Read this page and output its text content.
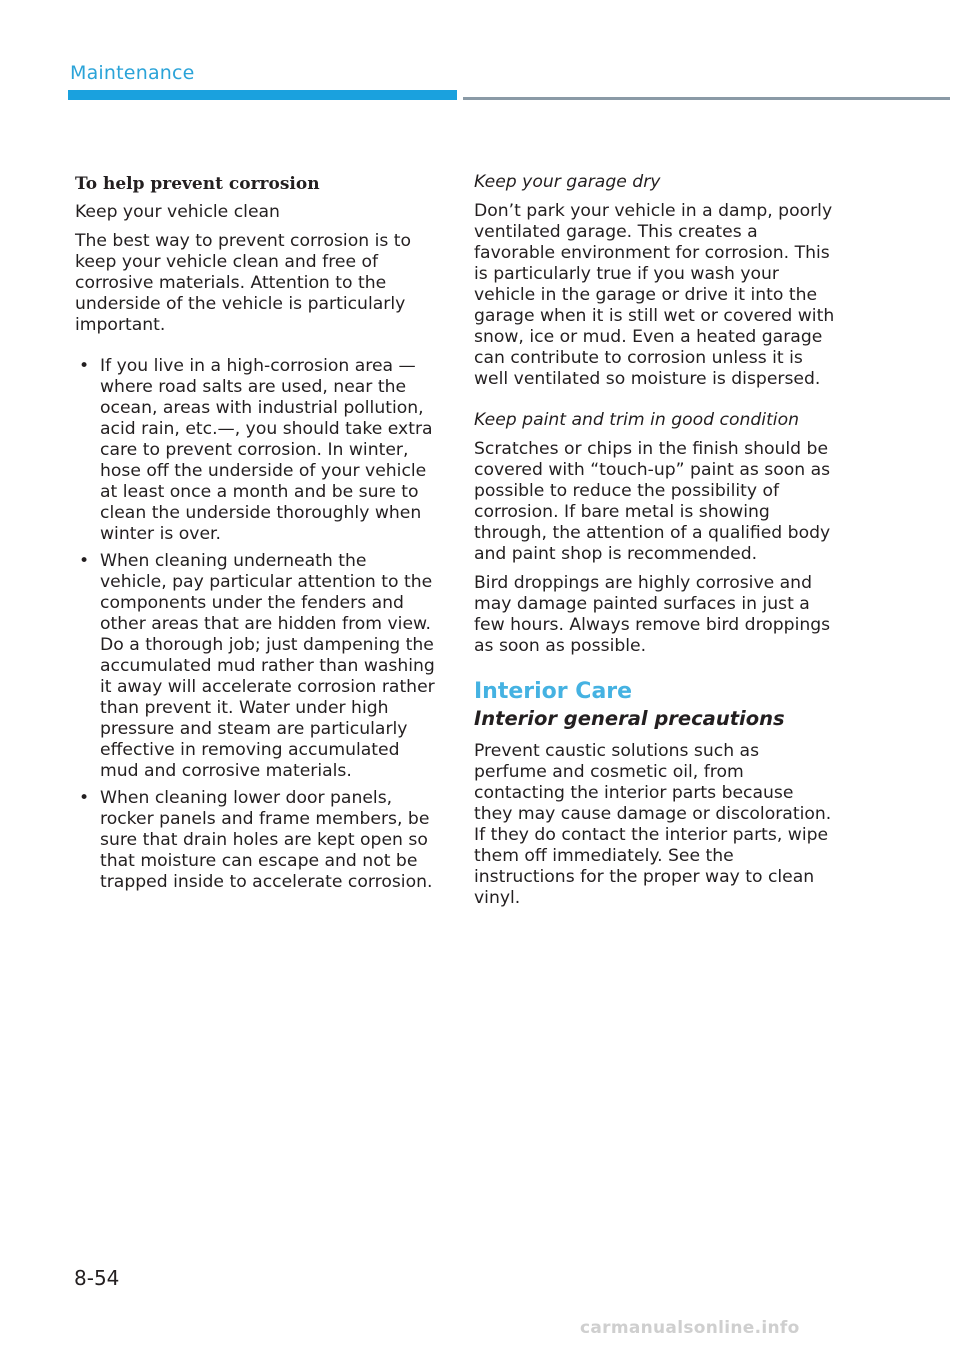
Maintenance
To help prevent corrosion

Keep your vehicle clean

The best way to prevent corrosion is to keep your vehicle clean and free of corrosive materials. Attention to the underside of the vehicle is particularly important.

• If you live in a high-corrosion area — where road salts are used, near the ocean, areas with industrial pollution, acid rain, etc.—, you should take extra care to prevent corrosion. In winter, hose off the underside of your vehicle at least once a month and be sure to clean the underside thoroughly when winter is over.
• When cleaning underneath the vehicle, pay particular attention to the components under the fenders and other areas that are hidden from view. Do a thorough job; just dampening the accumulated mud rather than washing it away will accelerate corrosion rather than prevent it. Water under high pressure and steam are particularly effective in removing accumulated mud and corrosive materials.
• When cleaning lower door panels, rocker panels and frame members, be sure that drain holes are kept open so that moisture can escape and not be trapped inside to accelerate corrosion.

Keep your garage dry

Don’t park your vehicle in a damp, poorly ventilated garage. This creates a favorable environment for corrosion. This is particularly true if you wash your vehicle in the garage or drive it into the garage when it is still wet or covered with snow, ice or mud. Even a heated garage can contribute to corrosion unless it is well ventilated so moisture is dispersed.

Keep paint and trim in good condition

Scratches or chips in the finish should be covered with “touch-up” paint as soon as possible to reduce the possibility of corrosion. If bare metal is showing through, the attention of a qualified body and paint shop is recommended.

Bird droppings are highly corrosive and may damage painted surfaces in just a few hours. Always remove bird droppings as soon as possible.

Interior Care
Interior general precautions

Prevent caustic solutions such as perfume and cosmetic oil, from contacting the interior parts because they may cause damage or discoloration. If they do contact the interior parts, wipe them off immediately. See the instructions for the proper way to clean vinyl.

8-54
carmanualsonline.info
